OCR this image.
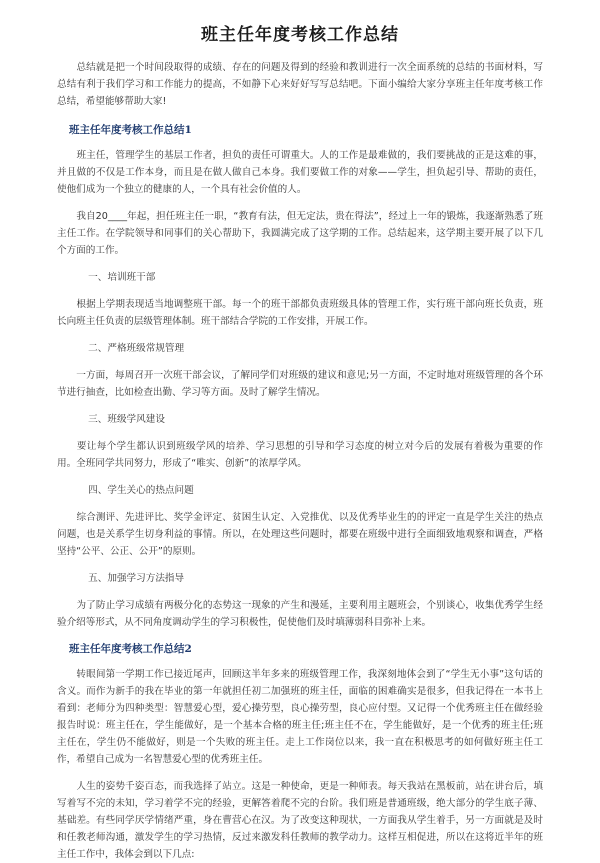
班主任年度考核工作总结

　　总结就是把一个时间段取得的成绩、存在的问题及得到的经验和教训进行一次全面系统的总结的书面材料，写总结有利于我们学习和工作能力的提高，不如静下心来好好写写总结吧。下面小编给大家分享班主任年度考核工作总结，希望能够帮助大家!

班主任年度考核工作总结1

　　班主任，管理学生的基层工作者，担负的责任可谓重大。人的工作是最难做的，我们要挑战的正是这难的事，并且做的不仅是工作本身，而且是在做人做自己本身。我们要做工作的对象——学生，担负起引导、帮助的责任，使他们成为一个独立的健康的人，一个具有社会价值的人。

　　我自20____年起，担任班主任一职，“教育有法，但无定法，贵在得法”，经过上一年的锻炼，我逐渐熟悉了班主任工作。在学院领导和同事们的关心帮助下，我圆满完成了这学期的工作。总结起来，这学期主要开展了以下几个方面的工作。

　　一、培训班干部

　　根据上学期表现适当地调整班干部。每一个的班干部都负责班级具体的管理工作，实行班干部向班长负责，班长向班主任负责的层级管理体制。班干部结合学院的工作安排，开展工作。

　　二、严格班级常规管理

　　一方面，每周召开一次班干部会议，了解同学们对班级的建议和意见;另一方面，不定时地对班级管理的各个环节进行抽查，比如检查出勤、学习等方面。及时了解学生情况。

　　三、班级学风建设

　　要让每个学生都认识到班级学风的培养、学习思想的引导和学习态度的树立对今后的发展有着极为重要的作用。全班同学共同努力，形成了“唯实、创新”的浓厚学风。

　　四、学生关心的热点问题

　　综合测评、先进评比、奖学金评定、贫困生认定、入党推优、以及优秀毕业生的的评定一直是学生关注的热点问题，也是关系学生切身利益的事情。所以，在处理这些问题时，都要在班级中进行全面细致地观察和调查，严格坚持“公平、公正、公开”的原则。

　　五、加强学习方法指导

　　为了防止学习成绩有两极分化的态势这一现象的产生和漫延，主要利用主题班会，个别谈心，收集优秀学生经验介绍等形式，从不同角度调动学生的学习积极性，促使他们及时填薄弱科目弥补上来。

班主任年度考核工作总结2

　　转眼间第一学期工作已接近尾声，回顾这半年多来的班级管理工作，我深刻地体会到了“学生无小事”这句话的含义。而作为新手的我在毕业的第一年就担任初二加强班的班主任，面临的困难确实是很多，但我记得在一本书上看到：老师分为四种类型：智慧爱心型，爱心操劳型，良心操劳型，良心应付型。又记得一个优秀班主任在做经验报告时说：班主任在，学生能做好，是一个基本合格的班主任;班主任不在，学生能做好，是一个优秀的班主任;班主任在，学生仍不能做好，则是一个失败的班主任。走上工作岗位以来，我一直在积极思考的如何做好班主任工作，希望自己成为一名智慧爱心型的优秀班主任。

　　人生的姿势千姿百态，而我选择了站立。这是一种使命，更是一种师表。每天我站在黑板前，站在讲台后，填写着写不完的未知，学习着学不完的经验，更解答着爬不完的台阶。我们班是普通班级，绝大部分的学生底子薄、基础差。有些同学厌学情绪严重，身在曹营心在汉。为了改变这种现状，一方面我从学生着手，另一方面就是及时和任教老师沟通，激发学生的学习热情，反过来激发科任教师的教学动力。这样互相促进，所以在这将近半年的班主任工作中，我体会到以下几点:
